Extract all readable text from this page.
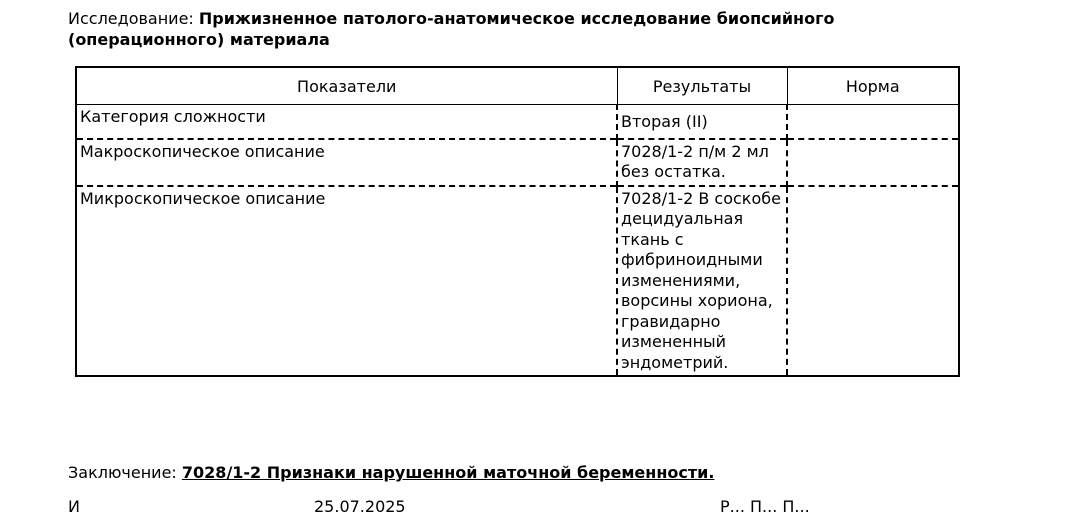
Исследование: Прижизненное патолого-анатомическое исследование биопсийного (операционного) материала
Показатели	Результаты	Норма
Категория сложности	Вторая (II)	
Макроскопическое описание	7028/1-2 п/м 2 мл без остатка.	
Микроскопическое описание	7028/1-2 В соскобе децидуальная ткань с фибриноидными изменениями, ворсины хориона, гравидарно измененный эндометрий.	
Заключение: 7028/1-2 Признаки нарушенной маточной беременности.
И	25.07.2025	Р... П... П...
